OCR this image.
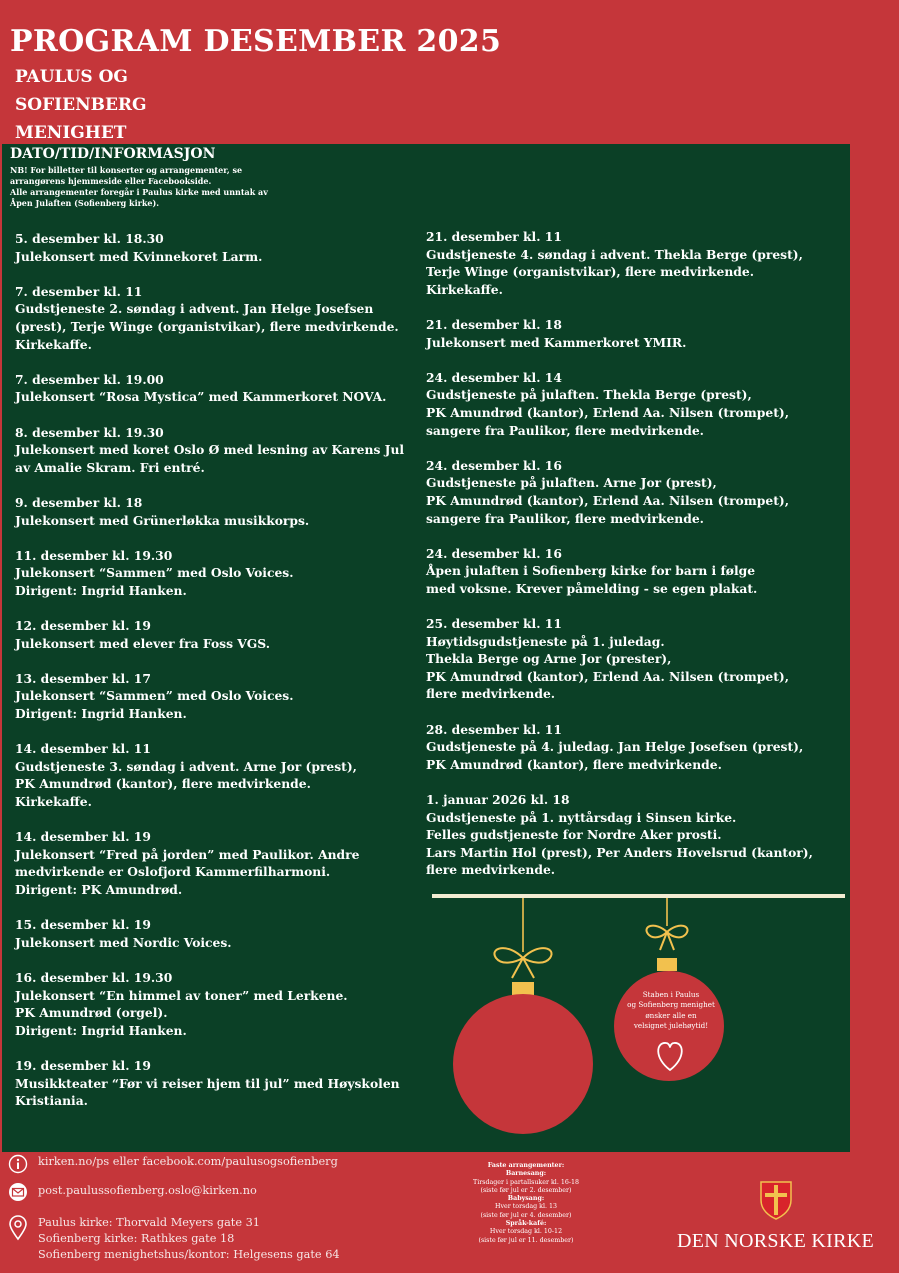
PROGRAM DESEMBER 2025
PAULUS OG
SOFIENBERG
MENIGHET
DATO/TID/INFORMASJON
NB! For billetter til konserter og arrangementer, se
arrangørens hjemmeside eller Facebookside.
Alle arrangementer foregår i Paulus kirke med unntak av
Åpen Julaften (Sofienberg kirke).
5. desember kl. 18.30
Julekonsert med Kvinnekoret Larm.
7. desember kl. 11
Gudstjeneste 2. søndag i advent. Jan Helge Josefsen
(prest), Terje Winge (organistvikar), flere medvirkende.
Kirkekaffe.
7. desember kl. 19.00
Julekonsert “Rosa Mystica” med Kammerkoret NOVA.
8. desember kl. 19.30
Julekonsert med koret Oslo Ø med lesning av Karens Jul
av Amalie Skram. Fri entré.
9. desember kl. 18
Julekonsert med Grünerløkka musikkorps.
11. desember kl. 19.30
Julekonsert “Sammen” med Oslo Voices.
Dirigent: Ingrid Hanken.
12. desember kl. 19
Julekonsert med elever fra Foss VGS.
13. desember kl. 17
Julekonsert “Sammen” med Oslo Voices.
Dirigent: Ingrid Hanken.
14. desember kl. 11
Gudstjeneste 3. søndag i advent. Arne Jor (prest),
PK Amundrød (kantor), flere medvirkende.
Kirkekaffe.
14. desember kl. 19
Julekonsert “Fred på jorden” med Paulikor. Andre
medvirkende er Oslofjord Kammerfilharmoni.
Dirigent: PK Amundrød.
15. desember kl. 19
Julekonsert med Nordic Voices.
16. desember kl. 19.30
Julekonsert “En himmel av toner” med Lerkene.
PK Amundrød (orgel).
Dirigent: Ingrid Hanken.
19. desember kl. 19
Musikkteater “Før vi reiser hjem til jul” med Høyskolen
Kristiania.
21. desember kl. 11
Gudstjeneste 4. søndag i advent. Thekla Berge (prest),
Terje Winge (organistvikar), flere medvirkende.
Kirkekaffe.
21. desember kl. 18
Julekonsert med Kammerkoret YMIR.
24. desember kl. 14
Gudstjeneste på julaften. Thekla Berge (prest),
PK Amundrød (kantor), Erlend Aa. Nilsen (trompet),
sangere fra Paulikor, flere medvirkende.
24. desember kl. 16
Gudstjeneste på julaften. Arne Jor (prest),
PK Amundrød (kantor), Erlend Aa. Nilsen (trompet),
sangere fra Paulikor, flere medvirkende.
24. desember kl. 16
Åpen julaften i Sofienberg kirke for barn i følge
med voksne. Krever påmelding - se egen plakat.
25. desember kl. 11
Høytidsgudstjeneste på 1. juledag.
Thekla Berge og Arne Jor (prester),
PK Amundrød (kantor), Erlend Aa. Nilsen (trompet),
flere medvirkende.
28. desember kl. 11
Gudstjeneste på 4. juledag. Jan Helge Josefsen (prest),
PK Amundrød (kantor), flere medvirkende.
1. januar 2026 kl. 18
Gudstjeneste på 1. nyttårsdag i Sinsen kirke.
Felles gudstjeneste for Nordre Aker prosti.
Lars Martin Hol (prest), Per Anders Hovelsrud (kantor),
flere medvirkende.
Faste arrangementer:
Barnesang:
Tirsdager i partallsuker kl. 16-18
(siste før jul er 2. desember)
Babysang:
Hver torsdag kl. 13
(siste før jul er 4. desember)
Språk-kafé:
Hver torsdag kl. 10-12
(siste før jul er 11. desember)
Staben i Paulus
og Sofienberg menighet
ønsker alle en
velsignet julehøytid!
kirken.no/ps eller facebook.com/paulusogsofienberg
post.paulussofienberg.oslo@kirken.no
Paulus kirke: Thorvald Meyers gate 31
Sofienberg kirke: Rathkes gate 18
Sofienberg menighetshus/kontor: Helgesens gate 64
DEN NORSKE KIRKE
